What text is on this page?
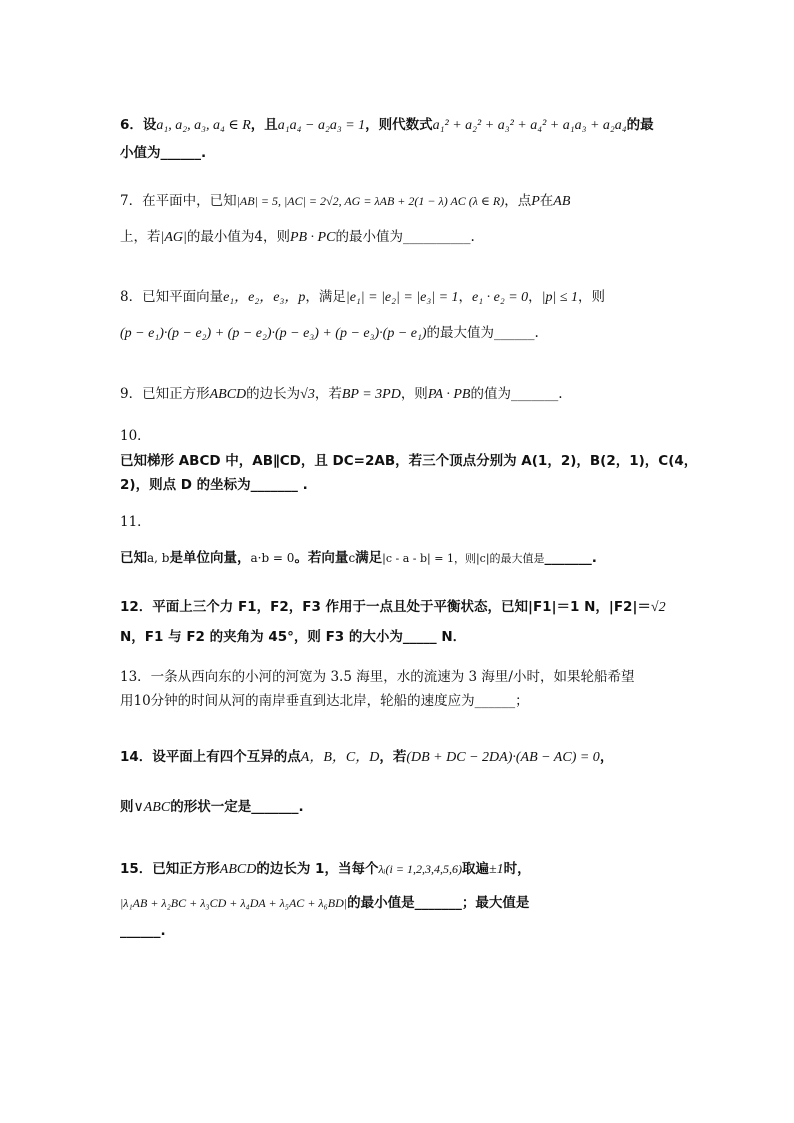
6．设a₁, a₂, a₃, a₄ ∈ R，且a₁a₄ − a₂a₃ = 1，则代数式a₁² + a₂² + a₃² + a₄² + a₁a₃ + a₂a₄的最
小值为______.
7．在平面中，已知|AB| = 5, |AC| = 2√2, AG = λAB + 2(1 − λ) AC (λ ∈ R)，点P在AB
上，若|AG|的最小值为4，则PB · PC的最小值为__________.
8．已知平面向量e₁，e₂，e₃，p，满足|e₁| = |e₂| = |e₃| = 1，e₁ · e₂ = 0，|p| ≤ 1，则
(p − e₁)·(p − e₂) + (p − e₂)·(p − e₃) + (p − e₃)·(p − e₁)的最大值为______.
9．已知正方形ABCD的边长为√3，若BP = 3PD，则PA · PB的值为_______.
10．
已知梯形 ABCD 中，AB∥CD，且 DC=2AB，若三个顶点分别为 A(1，2)，B(2，1)，C(4，
2)，则点 D 的坐标为_______ .
11．
已知a, b是单位向量，a·b = 0。若向量c满足|c - a - b| = 1，则|c|的最大值是_______.
12．平面上三个力 F1，F2，F3 作用于一点且处于平衡状态，已知|F1|＝1 N，|F2|＝√2
N，F1 与 F2 的夹角为 45°，则 F3 的大小为_____ N．
13．一条从西向东的小河的河宽为 3.5 海里，水的流速为 3 海里/小时，如果轮船希望
用10分钟的时间从河的南岸垂直到达北岸，轮船的速度应为______；
14．设平面上有四个互异的点A，B，C，D，若(DB + DC − 2DA)·(AB − AC) = 0，
则∨ABC的形状一定是_______.
15．已知正方形ABCD的边长为 1，当每个λᵢ(i = 1,2,3,4,5,6)取遍±1时，
|λ₁AB + λ₂BC + λ₃CD + λ₄DA + λ₅AC + λ₆BD|的最小值是_______；最大值是
______.
